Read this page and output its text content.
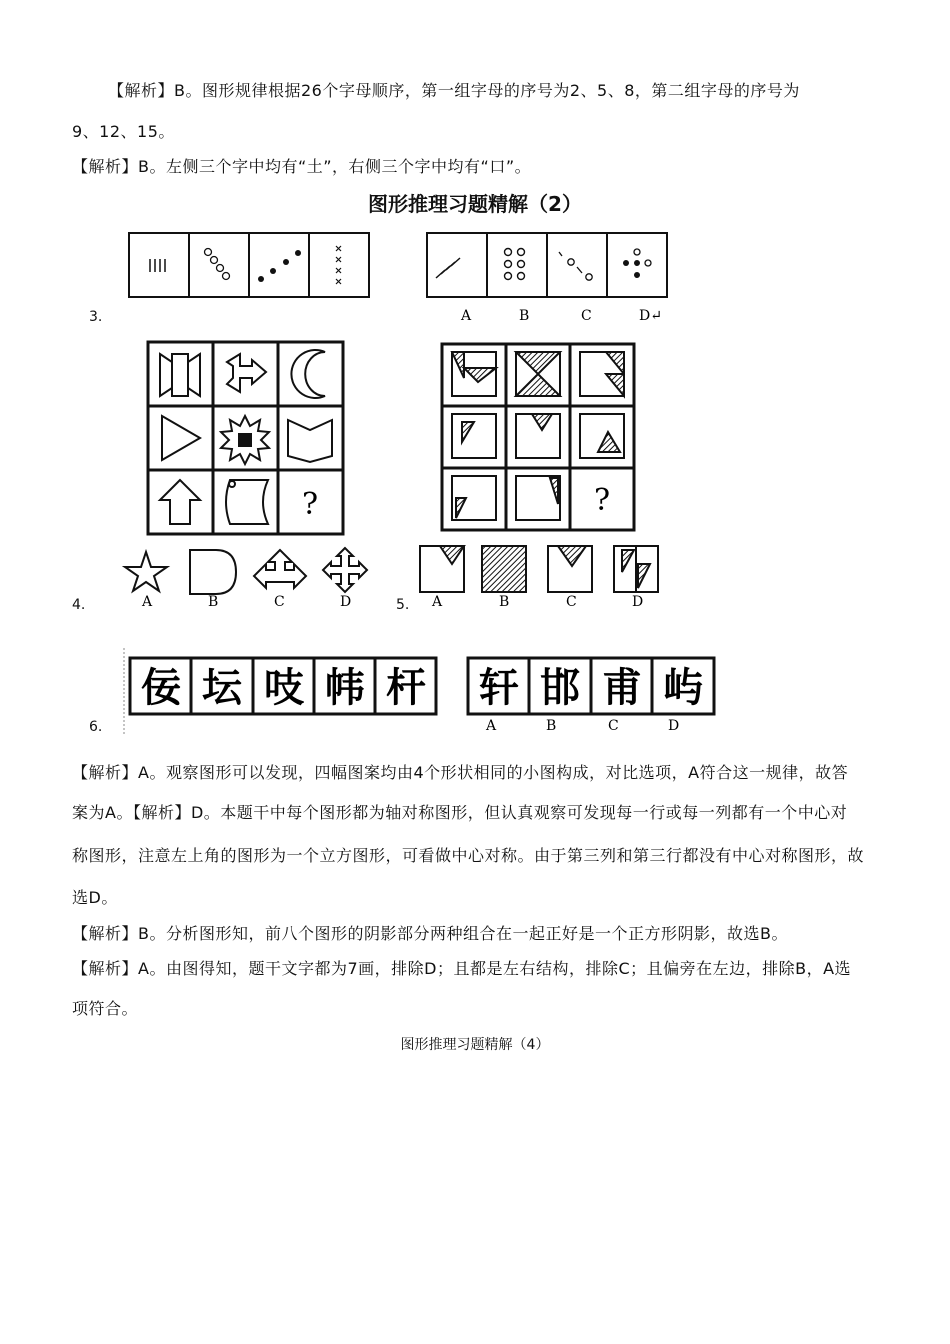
【解析】B。图形规律根据26个字母顺序，第一组字母的序号为2、5、8，第二组字母的序号为
9、12、15。
【解析】B。左侧三个字中均有“土”，右侧三个字中均有“口”。
图形推理习题精解（2）
3.	A	B	C	D↵
4.
?
A	B	C	D	5.
?
A	B	C	D
6.
佞 坛 吱 帏 杆 轩 邯 甫 屿
A	B	C	D
【解析】A。观察图形可以发现，四幅图案均由4个形状相同的小图构成，对比选项，A符合这一规律，故答
案为A。【解析】D。本题干中每个图形都为轴对称图形，但认真观察可发现每一行或每一列都有一个中心对
称图形，注意左上角的图形为一个立方图形，可看做中心对称。由于第三列和第三行都没有中心对称图形，故
选D。
【解析】B。分析图形知，前八个图形的阴影部分两种组合在一起正好是一个正方形阴影，故选B。
【解析】A。由图得知，题干文字都为7画，排除D；且都是左右结构，排除C；且偏旁在左边，排除B，A选
项符合。
图形推理习题精解（4）
